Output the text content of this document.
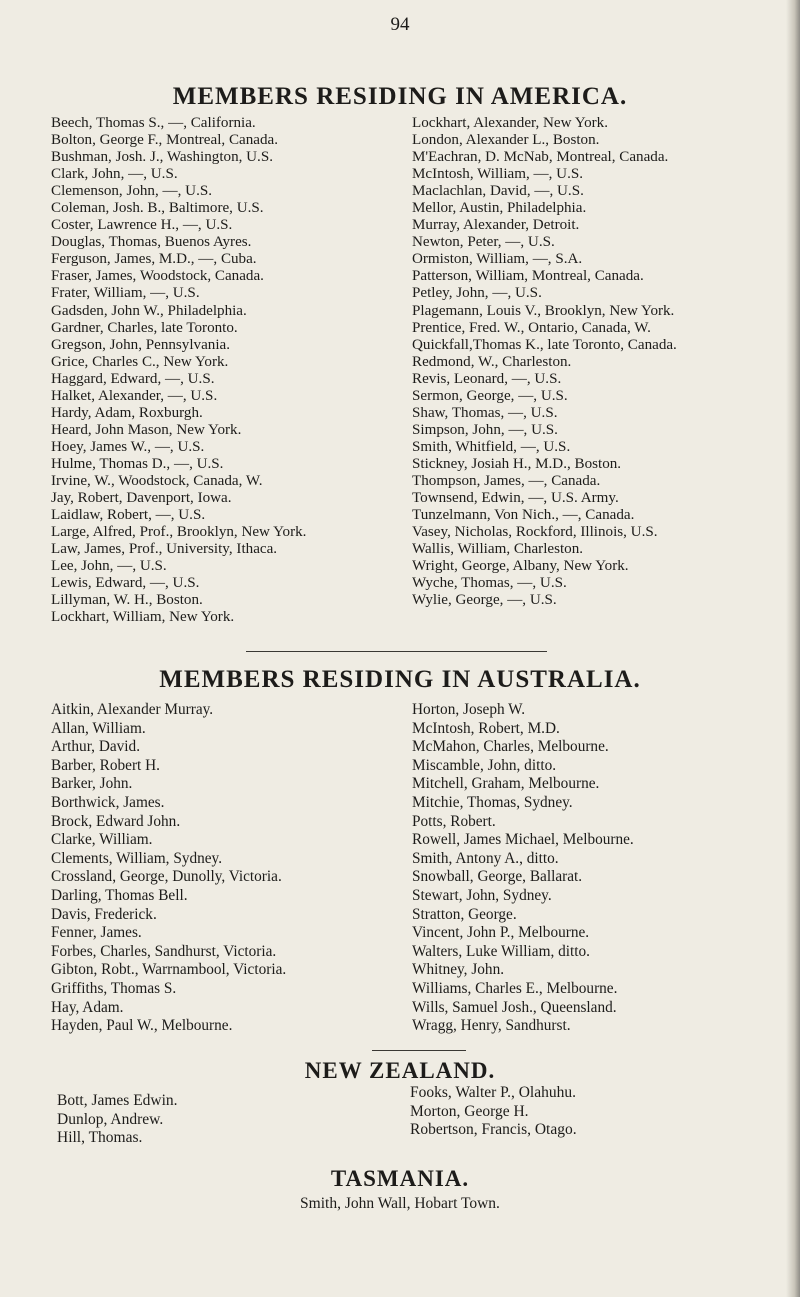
94
MEMBERS RESIDING IN AMERICA.
Beech, Thomas S., —, California.
Bolton, George F., Montreal, Canada.
Bushman, Josh. J., Washington, U.S.
Clark, John, —, U.S.
Clemenson, John, —, U.S.
Coleman, Josh. B., Baltimore, U.S.
Coster, Lawrence H., —, U.S.
Douglas, Thomas, Buenos Ayres.
Ferguson, James, M.D., —, Cuba.
Fraser, James, Woodstock, Canada.
Frater, William, —, U.S.
Gadsden, John W., Philadelphia.
Gardner, Charles, late Toronto.
Gregson, John, Pennsylvania.
Grice, Charles C., New York.
Haggard, Edward, —, U.S.
Halket, Alexander, —, U.S.
Hardy, Adam, Roxburgh.
Heard, John Mason, New York.
Hoey, James W., —, U.S.
Hulme, Thomas D., —, U.S.
Irvine, W., Woodstock, Canada, W.
Jay, Robert, Davenport, Iowa.
Laidlaw, Robert, —, U.S.
Large, Alfred, Prof., Brooklyn, New York.
Law, James, Prof., University, Ithaca.
Lee, John, —, U.S.
Lewis, Edward, —, U.S.
Lillyman, W. H., Boston.
Lockhart, William, New York.
Lockhart, Alexander, New York.
London, Alexander L., Boston.
M'Eachran, D. McNab, Montreal, Canada.
McIntosh, William, —, U.S.
Maclachlan, David, —, U.S.
Mellor, Austin, Philadelphia.
Murray, Alexander, Detroit.
Newton, Peter, —, U.S.
Ormiston, William, —, S.A.
Patterson, William, Montreal, Canada.
Petley, John, —, U.S.
Plagemann, Louis V., Brooklyn, New York.
Prentice, Fred. W., Ontario, Canada, W.
Quickfall,Thomas K., late Toronto, Canada.
Redmond, W., Charleston.
Revis, Leonard, —, U.S.
Sermon, George, —, U.S.
Shaw, Thomas, —, U.S.
Simpson, John, —, U.S.
Smith, Whitfield, —, U.S.
Stickney, Josiah H., M.D., Boston.
Thompson, James, —, Canada.
Townsend, Edwin, —, U.S. Army.
Tunzelmann, Von Nich., —, Canada.
Vasey, Nicholas, Rockford, Illinois, U.S.
Wallis, William, Charleston.
Wright, George, Albany, New York.
Wyche, Thomas, —, U.S.
Wylie, George, —, U.S.
MEMBERS RESIDING IN AUSTRALIA.
Aitkin, Alexander Murray.
Allan, William.
Arthur, David.
Barber, Robert H.
Barker, John.
Borthwick, James.
Brock, Edward John.
Clarke, William.
Clements, William, Sydney.
Crossland, George, Dunolly, Victoria.
Darling, Thomas Bell.
Davis, Frederick.
Fenner, James.
Forbes, Charles, Sandhurst, Victoria.
Gibton, Robt., Warrnambool, Victoria.
Griffiths, Thomas S.
Hay, Adam.
Hayden, Paul W., Melbourne.
Horton, Joseph W.
McIntosh, Robert, M.D.
McMahon, Charles, Melbourne.
Miscamble, John, ditto.
Mitchell, Graham, Melbourne.
Mitchie, Thomas, Sydney.
Potts, Robert.
Rowell, James Michael, Melbourne.
Smith, Antony A., ditto.
Snowball, George, Ballarat.
Stewart, John, Sydney.
Stratton, George.
Vincent, John P., Melbourne.
Walters, Luke William, ditto.
Whitney, John.
Williams, Charles E., Melbourne.
Wills, Samuel Josh., Queensland.
Wragg, Henry, Sandhurst.
NEW ZEALAND.
Bott, James Edwin.
Dunlop, Andrew.
Hill, Thomas.
Fooks, Walter P., Olahuhu.
Morton, George H.
Robertson, Francis, Otago.
TASMANIA.
Smith, John Wall, Hobart Town.
